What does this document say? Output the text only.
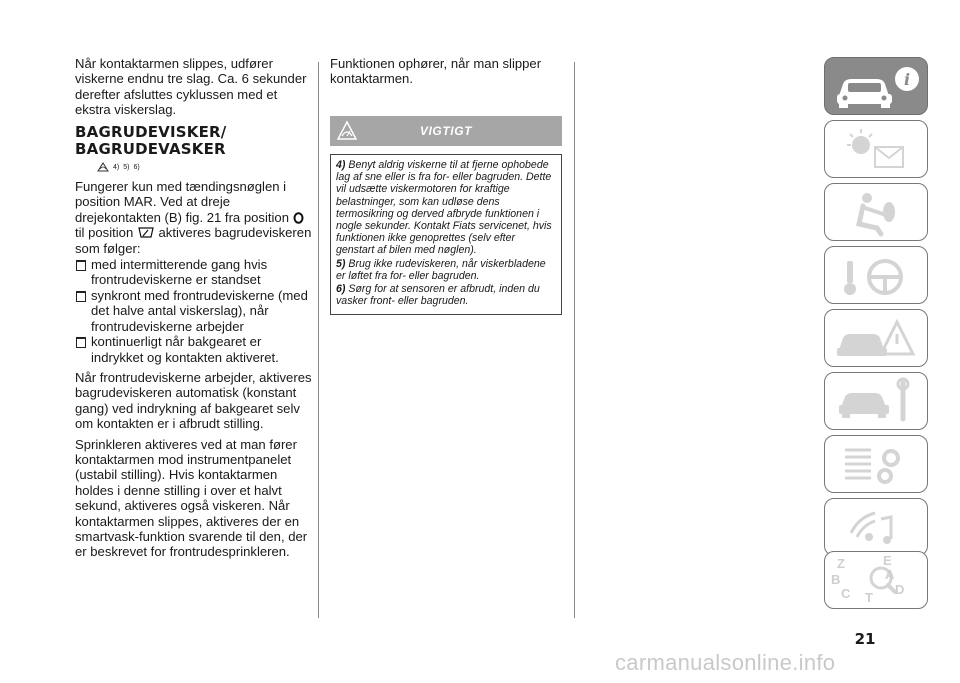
Når kontaktarmen slippes, udfører viskerne endnu tre slag. Ca. 6 sekunder derefter afsluttes cyklussen med et ekstra viskerslag.

BAGRUDEVISKER/
BAGRUDEVASKER
4) 5) 6)

Fungerer kun med tændingsnøglen i position MAR. Ved at dreje drejekontakten (B) fig. 21 fra position  til position  aktiveres bagrudeviskeren som følger:

med intermitterende gang hvis frontrudeviskerne er standset
synkront med frontrudeviskerne (med det halve antal viskerslag), når frontrudeviskerne arbejder
kontinuerligt når bakgearet er indrykket og kontakten aktiveret.

Når frontrudeviskerne arbejder, aktiveres bagrudeviskeren automatisk (konstant gang) ved indrykning af bakgearet selv om kontakten er i afbrudt stilling.

Sprinkleren aktiveres ved at man fører kontaktarmen mod instrumentpanelet (ustabil stilling). Hvis kontaktarmen holdes i denne stilling i over et halvt sekund, aktiveres også viskeren. Når kontaktarmen slippes, aktiveres der en smartvask-funktion svarende til den, der er beskrevet for frontrudesprinkleren.

Funktionen ophører, når man slipper kontaktarmen.

VIGTIGT
4) Benyt aldrig viskerne til at fjerne ophobede lag af sne eller is fra for- eller bagruden. Dette vil udsætte viskermotoren for kraftige belastninger, som kan udløse dens termosikring og derved afbryde funktionen i nogle sekunder. Kontakt Fiats servicenet, hvis funktionen ikke genoprettes (selv efter genstart af bilen med nøglen).
5) Brug ikke rudeviskeren, når viskerbladene er løftet fra for- eller bagruden.
6) Sørg for at sensoren er afbrudt, inden du vasker front- eller bagruden.
i
Z	E
B	A
C T
D
21
carmanualsonline.info
